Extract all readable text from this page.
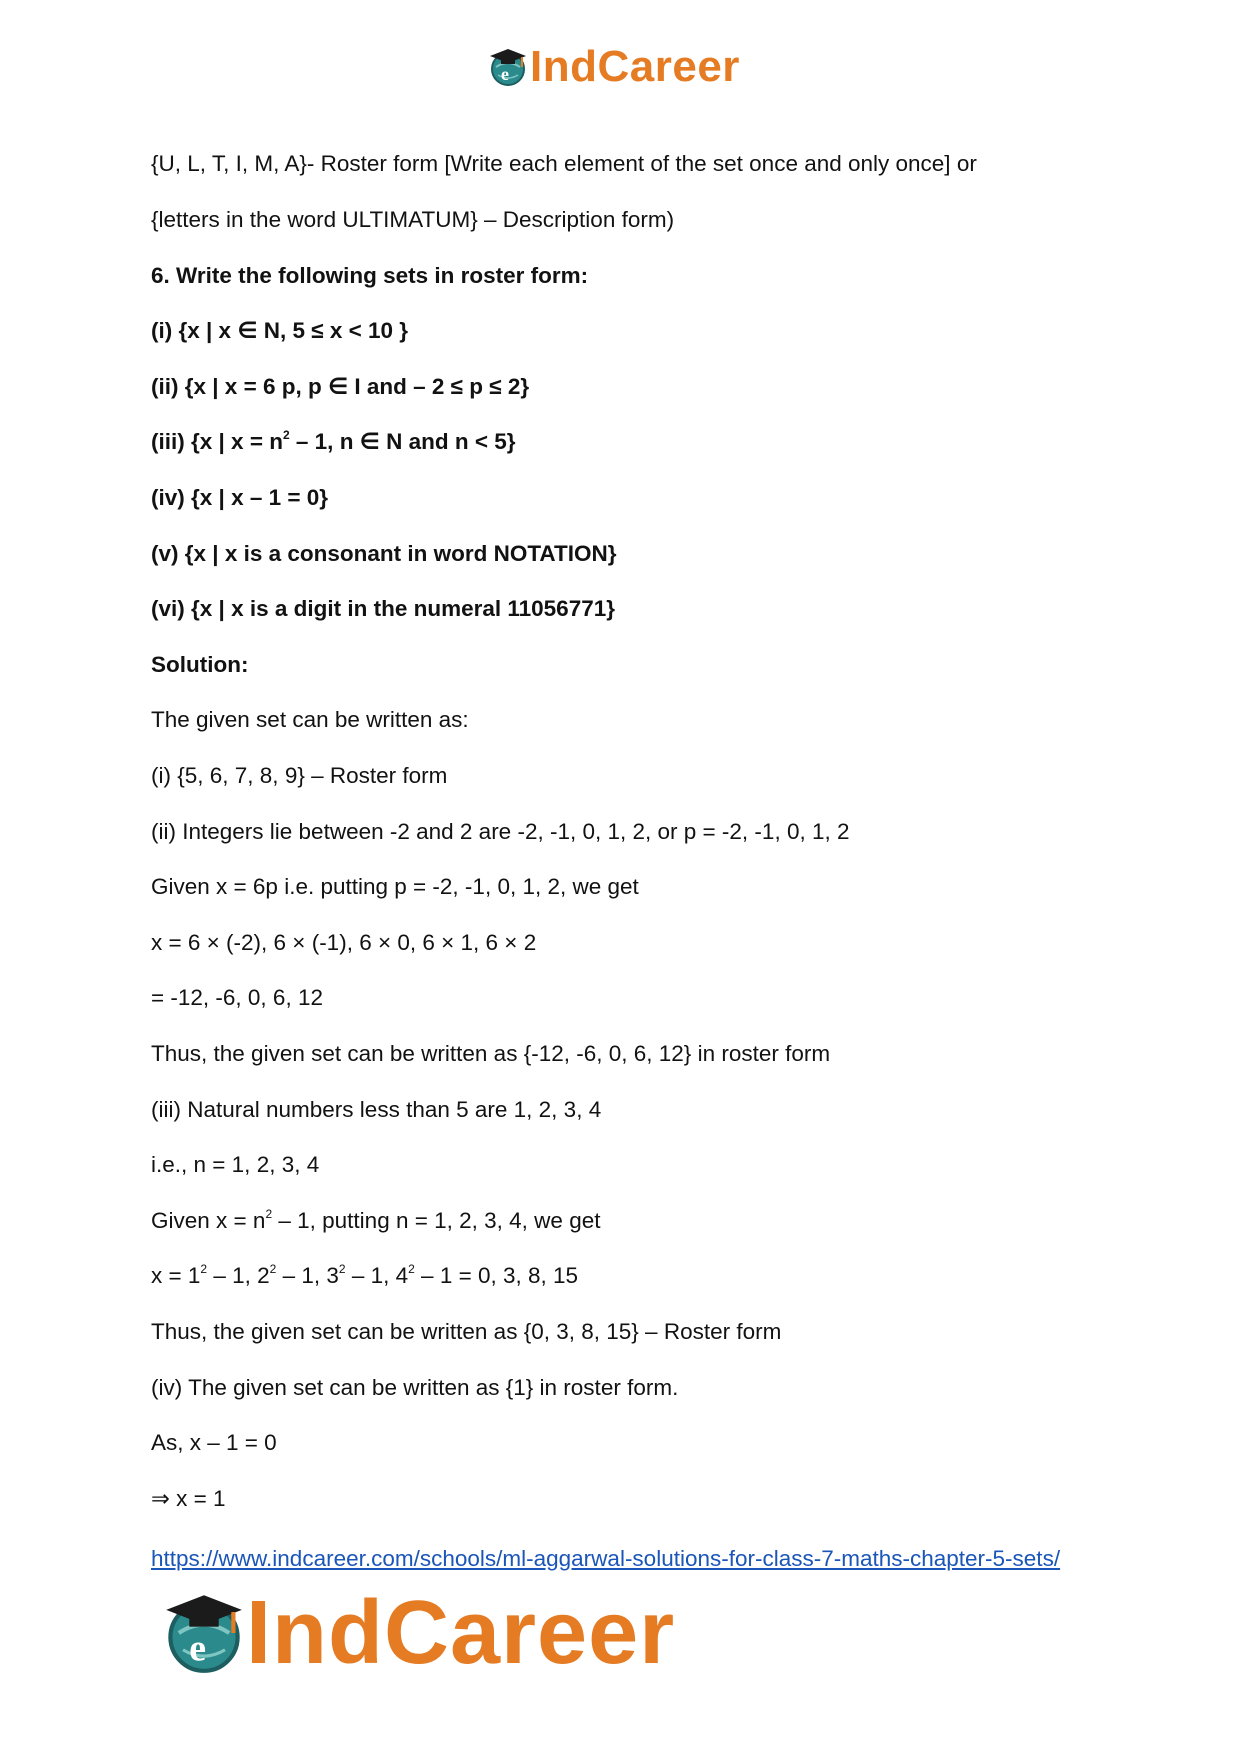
e IndCareer
{U, L, T, I, M, A}- Roster form [Write each element of the set once and only once] or
{letters in the word ULTIMATUM} – Description form)
6. Write the following sets in roster form:
(i) {x | x ∈ N, 5 ≤ x < 10 }
(ii) {x | x = 6 p, p ∈ I and – 2 ≤ p ≤ 2}
(iii) {x | $x = n^2 - 1$, n ∈ N and n < 5}
(iv) {x | x – 1 = 0}
(v) {x | x is a consonant in word NOTATION}
(vi) {x | x is a digit in the numeral 11056771}
Solution:
The given set can be written as:
(i) {5, 6, 7, 8, 9} – Roster form
(ii) Integers lie between -2 and 2 are -2, -1, 0, 1, 2, or p = -2, -1, 0, 1, 2
Given x = 6p i.e. putting p = -2, -1, 0, 1, 2, we get
x = 6 × (-2), 6 × (-1), 6 × 0, 6 × 1, 6 × 2
= -12, -6, 0, 6, 12
Thus, the given set can be written as {-12, -6, 0, 6, 12} in roster form
(iii) Natural numbers less than 5 are 1, 2, 3, 4
i.e., n = 1, 2, 3, 4
Given $x = n^2 - 1$, putting n = 1, 2, 3, 4, we get
$x = 1^2 - 1$, $2^2 - 1$, $3^2 - 1$, $4^2 - 1 = 0$, 3, 8, 15
Thus, the given set can be written as {0, 3, 8, 15} – Roster form
(iv) The given set can be written as {1} in roster form.
As, x – 1 = 0
⇒ x = 1
https://www.indcareer.com/schools/ml-aggarwal-solutions-for-class-7-maths-chapter-5-sets/
e IndCareer
